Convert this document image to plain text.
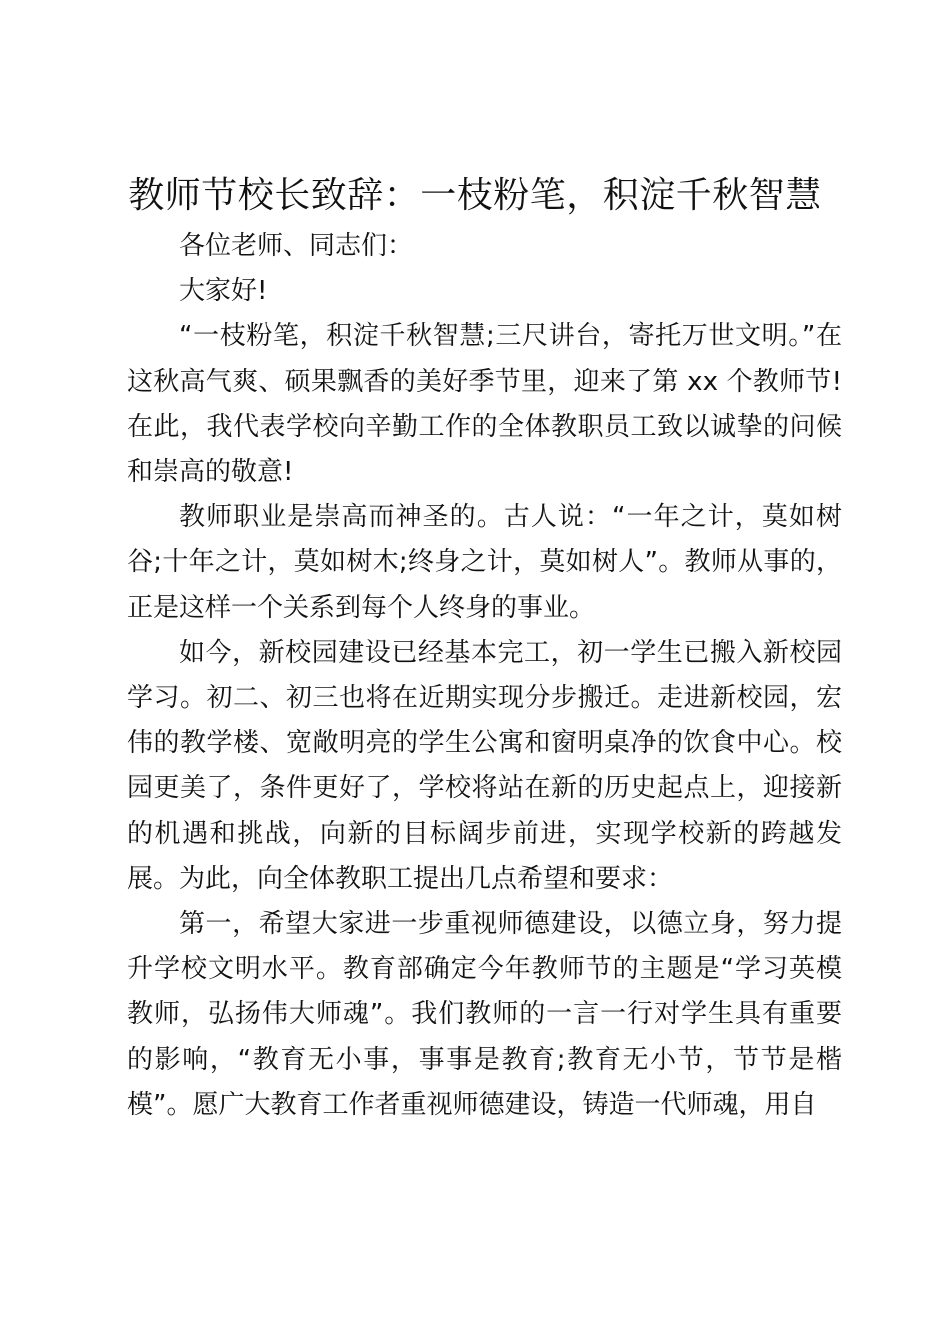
教师节校长致辞：一枝粉笔，积淀千秋智慧

各位老师、同志们：

大家好!

“一枝粉笔，积淀千秋智慧;三尺讲台，寄托万世文明。”在这秋高气爽、硕果飘香的美好季节里，迎来了第 xx 个教师节!在此，我代表学校向辛勤工作的全体教职员工致以诚挚的问候和崇高的敬意!

教师职业是崇高而神圣的。古人说：“一年之计，莫如树谷;十年之计，莫如树木;终身之计，莫如树人”。教师从事的，正是这样一个关系到每个人终身的事业。

如今，新校园建设已经基本完工，初一学生已搬入新校园学习。初二、初三也将在近期实现分步搬迁。走进新校园，宏伟的教学楼、宽敞明亮的学生公寓和窗明桌净的饮食中心。校园更美了，条件更好了，学校将站在新的历史起点上，迎接新的机遇和挑战，向新的目标阔步前进，实现学校新的跨越发展。为此，向全体教职工提出几点希望和要求：

第一，希望大家进一步重视师德建设，以德立身，努力提升学校文明水平。教育部确定今年教师节的主题是“学习英模教师，弘扬伟大师魂”。我们教师的一言一行对学生具有重要的影响，“教育无小事，事事是教育;教育无小节，节节是楷模”。愿广大教育工作者重视师德建设，铸造一代师魂，用自
